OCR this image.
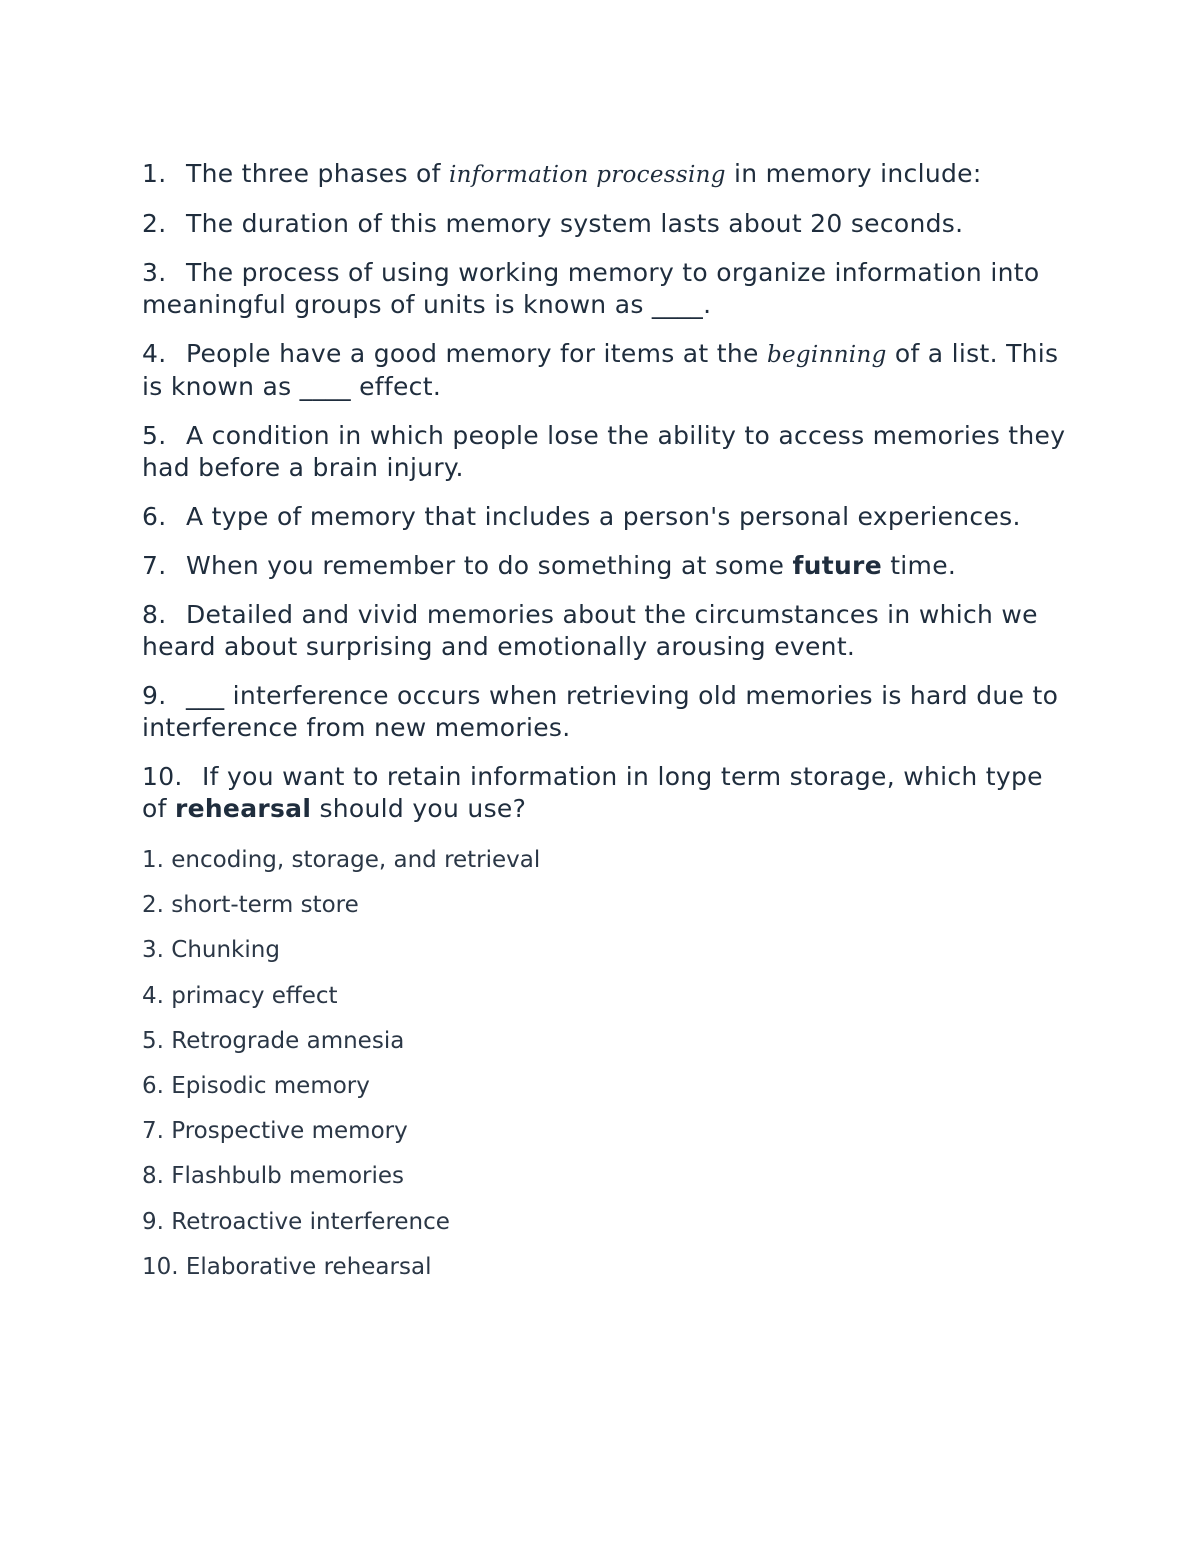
1. The three phases of information processing in memory include:

2. The duration of this memory system lasts about 20 seconds.

3. The process of using working memory to organize information into meaningful groups of units is known as ____.

4. People have a good memory for items at the beginning of a list. This is known as ____ effect.

5. A condition in which people lose the ability to access memories they had before a brain injury.

6. A type of memory that includes a person's personal experiences.

7. When you remember to do something at some future time.

8. Detailed and vivid memories about the circumstances in which we heard about surprising and emotionally arousing event.

9. ___ interference occurs when retrieving old memories is hard due to interference from new memories.

10. If you want to retain information in long term storage, which type of rehearsal should you use?

1. encoding, storage, and retrieval

2. short-term store

3. Chunking

4. primacy effect

5. Retrograde amnesia

6. Episodic memory

7. Prospective memory

8. Flashbulb memories

9. Retroactive interference

10. Elaborative rehearsal
